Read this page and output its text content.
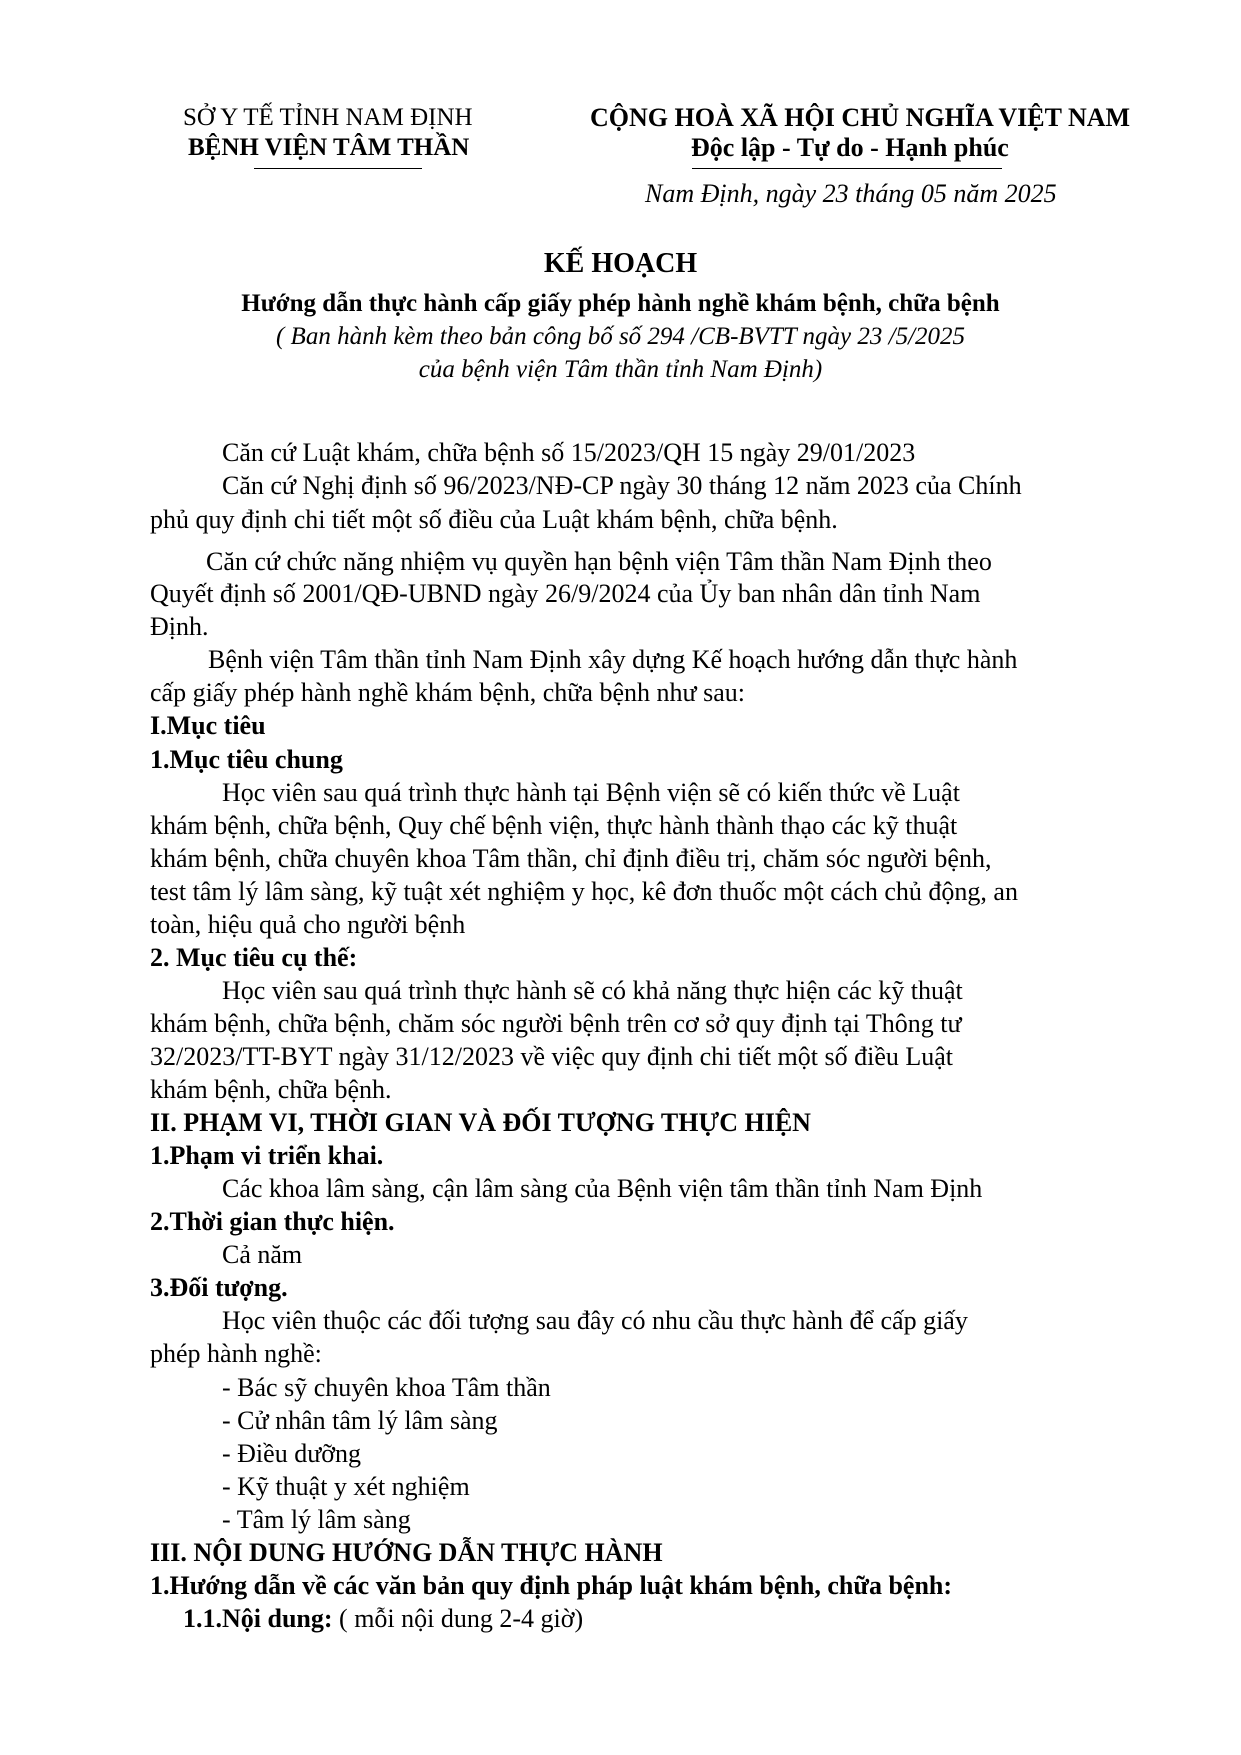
SỞ Y TẾ TỈNH NAM ĐỊNH
BỆNH VIỆN TÂM THẦN
CỘNG HOÀ XÃ HỘI CHỦ NGHĨA VIỆT NAM
Độc lập - Tự do - Hạnh phúc
Nam Định, ngày 23 tháng 05 năm 2025
KẾ HOẠCH
Hướng dẫn thực hành cấp giấy phép hành nghề khám bệnh, chữa bệnh
( Ban hành kèm theo bản công bố số 294 /CB-BVTT ngày 23 /5/2025
của bệnh viện Tâm thần tỉnh Nam Định)
Căn cứ Luật khám, chữa bệnh số 15/2023/QH 15 ngày 29/01/2023
Căn cứ Nghị định số 96/2023/NĐ-CP ngày 30 tháng 12 năm 2023 của Chính
phủ quy định chi tiết một số điều của Luật khám bệnh, chữa bệnh.
Căn cứ chức năng nhiệm vụ quyền hạn bệnh viện Tâm thần Nam Định theo
Quyết định số 2001/QĐ-UBND ngày 26/9/2024 của Ủy ban nhân dân tỉnh Nam
Định.
Bệnh viện Tâm thần tỉnh Nam Định xây dựng Kế hoạch hướng dẫn thực hành
cấp giấy phép hành nghề khám bệnh, chữa bệnh như sau:
I.Mục tiêu
1.Mục tiêu chung
Học viên sau quá trình thực hành tại Bệnh viện sẽ có kiến thức về Luật
khám bệnh, chữa bệnh, Quy chế bệnh viện, thực hành thành thạo các kỹ thuật
khám bệnh, chữa chuyên khoa Tâm thần, chỉ định điều trị, chăm sóc người bệnh,
test tâm lý lâm sàng, kỹ tuật xét nghiệm y học, kê đơn thuốc một cách chủ động, an
toàn, hiệu quả cho người bệnh
2. Mục tiêu cụ thế:
Học viên sau quá trình thực hành sẽ có khả năng thực hiện các kỹ thuật
khám bệnh, chữa bệnh, chăm sóc người bệnh trên cơ sở quy định tại Thông tư
32/2023/TT-BYT ngày 31/12/2023 về việc quy định chi tiết một số điều Luật
khám bệnh, chữa bệnh.
II. PHẠM VI, THỜI GIAN VÀ ĐỐI TƯỢNG THỰC HIỆN
1.Phạm vi triển khai.
Các khoa lâm sàng, cận lâm sàng của Bệnh viện tâm thần tỉnh Nam Định
2.Thời gian thực hiện.
Cả năm
3.Đối tượng.
Học viên thuộc các đối tượng sau đây có nhu cầu thực hành để cấp giấy
phép hành nghề:
- Bác sỹ chuyên khoa Tâm thần
- Cử nhân tâm lý lâm sàng
- Điều dưỡng
- Kỹ thuật y xét nghiệm
- Tâm lý lâm sàng
III. NỘI DUNG HƯỚNG DẪN THỰC HÀNH
1.Hướng dẫn về các văn bản quy định pháp luật khám bệnh, chữa bệnh:
1.1.Nội dung: ( mỗi nội dung 2-4 giờ)
